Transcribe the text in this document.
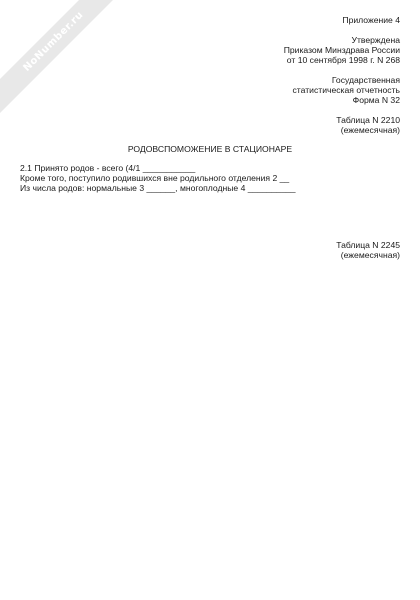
NoNumber.ru	Приложение 4
Утверждена
Приказом Минздрава России
от 10 сентября 1998 г. N 268
Государственная
статистическая отчетность
Форма N 32
Таблица N 2210
(ежемесячная)
РОДОВСПОМОЖЕНИЕ В СТАЦИОНАРЕ
2.1 Принято родов - всего (4/1 ___________
Кроме того, поступило родившихся вне родильного отделения 2 __
Из числа родов: нормальные 3 ______, многоплодные 4 __________
Таблица N 2245
(ежемесячная)
